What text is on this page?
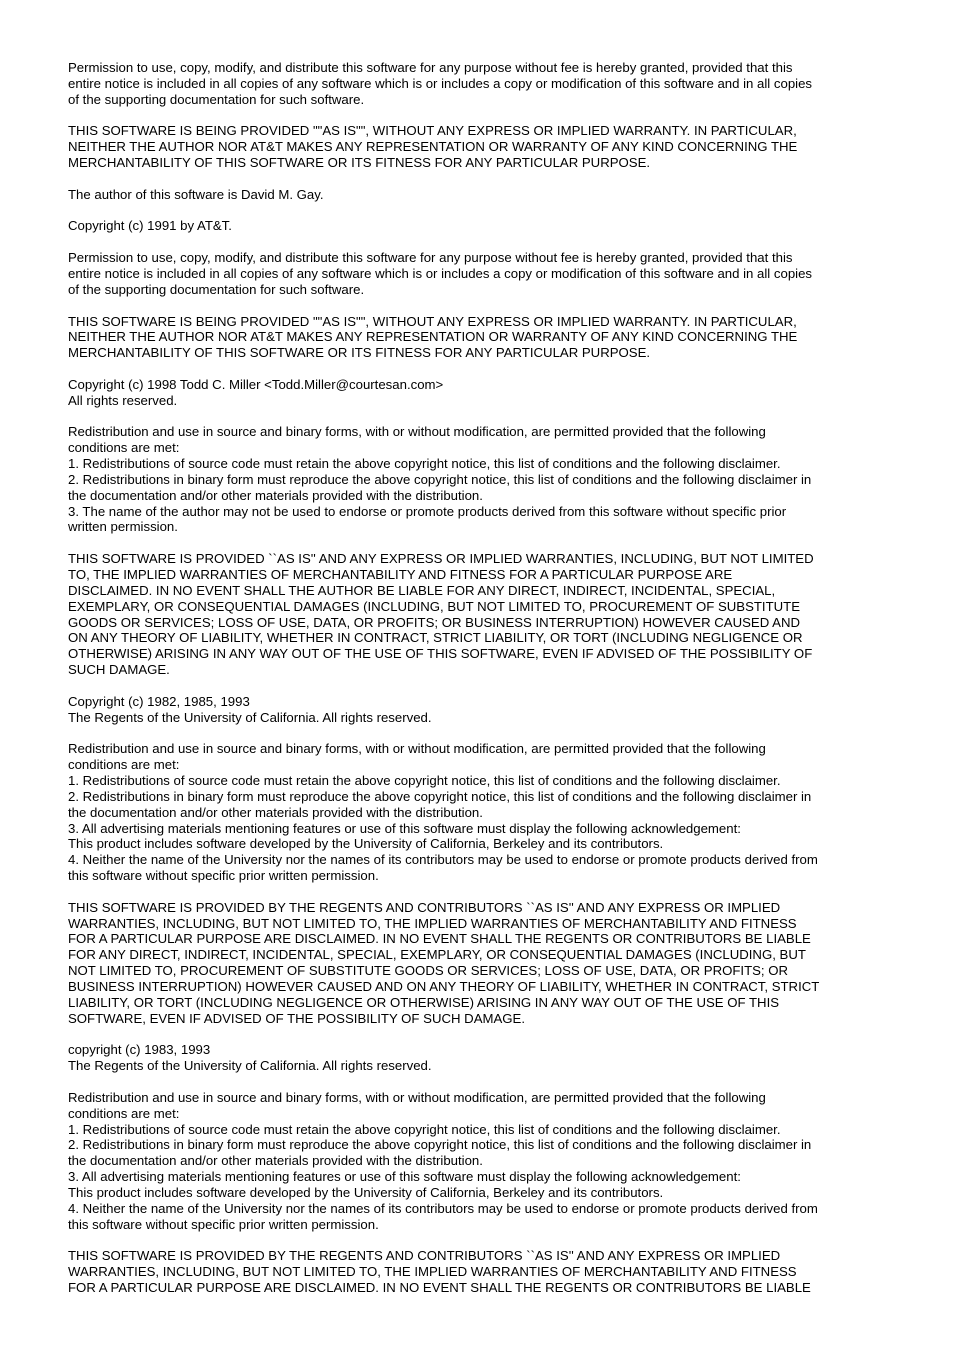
Permission to use, copy, modify, and distribute this software for any purpose without fee is hereby granted, provided that this
entire notice is included in all copies of any software which is or includes a copy or modification of this software and in all copies
of the supporting documentation for such software.
THIS SOFTWARE IS BEING PROVIDED ""AS IS"", WITHOUT ANY EXPRESS OR IMPLIED WARRANTY. IN PARTICULAR,
NEITHER THE AUTHOR NOR AT&T MAKES ANY REPRESENTATION OR WARRANTY OF ANY KIND CONCERNING THE
MERCHANTABILITY OF THIS SOFTWARE OR ITS FITNESS FOR ANY PARTICULAR PURPOSE.
The author of this software is David M. Gay.
Copyright (c) 1991 by AT&T.
Permission to use, copy, modify, and distribute this software for any purpose without fee is hereby granted, provided that this
entire notice is included in all copies of any software which is or includes a copy or modification of this software and in all copies
of the supporting documentation for such software.
THIS SOFTWARE IS BEING PROVIDED ""AS IS"", WITHOUT ANY EXPRESS OR IMPLIED WARRANTY. IN PARTICULAR,
NEITHER THE AUTHOR NOR AT&T MAKES ANY REPRESENTATION OR WARRANTY OF ANY KIND CONCERNING THE
MERCHANTABILITY OF THIS SOFTWARE OR ITS FITNESS FOR ANY PARTICULAR PURPOSE.
Copyright (c) 1998 Todd C. Miller <Todd.Miller@courtesan.com>
All rights reserved.
Redistribution and use in source and binary forms, with or without modification, are permitted provided that the following
conditions are met:
1. Redistributions of source code must retain the above copyright notice, this list of conditions and the following disclaimer.
2. Redistributions in binary form must reproduce the above copyright notice, this list of conditions and the following disclaimer in
the documentation and/or other materials provided with the distribution.
3. The name of the author may not be used to endorse or promote products derived from this software without specific prior
written permission.
THIS SOFTWARE IS PROVIDED ``AS IS'' AND ANY EXPRESS OR IMPLIED WARRANTIES, INCLUDING, BUT NOT LIMITED
TO, THE IMPLIED WARRANTIES OF MERCHANTABILITY AND FITNESS FOR A PARTICULAR PURPOSE ARE
DISCLAIMED. IN NO EVENT SHALL THE AUTHOR BE LIABLE FOR ANY DIRECT, INDIRECT, INCIDENTAL, SPECIAL,
EXEMPLARY, OR CONSEQUENTIAL DAMAGES (INCLUDING, BUT NOT LIMITED TO, PROCUREMENT OF SUBSTITUTE
GOODS OR SERVICES; LOSS OF USE, DATA, OR PROFITS; OR BUSINESS INTERRUPTION) HOWEVER CAUSED AND
ON ANY THEORY OF LIABILITY, WHETHER IN CONTRACT, STRICT LIABILITY, OR TORT (INCLUDING NEGLIGENCE OR
OTHERWISE) ARISING IN ANY WAY OUT OF THE USE OF THIS SOFTWARE, EVEN IF ADVISED OF THE POSSIBILITY OF
SUCH DAMAGE.
Copyright (c) 1982, 1985, 1993
The Regents of the University of California. All rights reserved.
Redistribution and use in source and binary forms, with or without modification, are permitted provided that the following
conditions are met:
1. Redistributions of source code must retain the above copyright notice, this list of conditions and the following disclaimer.
2. Redistributions in binary form must reproduce the above copyright notice, this list of conditions and the following disclaimer in
the documentation and/or other materials provided with the distribution.
3. All advertising materials mentioning features or use of this software must display the following acknowledgement:
This product includes software developed by the University of California, Berkeley and its contributors.
4. Neither the name of the University nor the names of its contributors may be used to endorse or promote products derived from
this software without specific prior written permission.
THIS SOFTWARE IS PROVIDED BY THE REGENTS AND CONTRIBUTORS ``AS IS'' AND ANY EXPRESS OR IMPLIED
WARRANTIES, INCLUDING, BUT NOT LIMITED TO, THE IMPLIED WARRANTIES OF MERCHANTABILITY AND FITNESS
FOR A PARTICULAR PURPOSE ARE DISCLAIMED. IN NO EVENT SHALL THE REGENTS OR CONTRIBUTORS BE LIABLE
FOR ANY DIRECT, INDIRECT, INCIDENTAL, SPECIAL, EXEMPLARY, OR CONSEQUENTIAL DAMAGES (INCLUDING, BUT
NOT LIMITED TO, PROCUREMENT OF SUBSTITUTE GOODS OR SERVICES; LOSS OF USE, DATA, OR PROFITS; OR
BUSINESS INTERRUPTION) HOWEVER CAUSED AND ON ANY THEORY OF LIABILITY, WHETHER IN CONTRACT, STRICT
LIABILITY, OR TORT (INCLUDING NEGLIGENCE OR OTHERWISE) ARISING IN ANY WAY OUT OF THE USE OF THIS
SOFTWARE, EVEN IF ADVISED OF THE POSSIBILITY OF SUCH DAMAGE.
copyright (c) 1983, 1993
The Regents of the University of California. All rights reserved.
Redistribution and use in source and binary forms, with or without modification, are permitted provided that the following
conditions are met:
1. Redistributions of source code must retain the above copyright notice, this list of conditions and the following disclaimer.
2. Redistributions in binary form must reproduce the above copyright notice, this list of conditions and the following disclaimer in
the documentation and/or other materials provided with the distribution.
3. All advertising materials mentioning features or use of this software must display the following acknowledgement:
This product includes software developed by the University of California, Berkeley and its contributors.
4. Neither the name of the University nor the names of its contributors may be used to endorse or promote products derived from
this software without specific prior written permission.
THIS SOFTWARE IS PROVIDED BY THE REGENTS AND CONTRIBUTORS ``AS IS'' AND ANY EXPRESS OR IMPLIED
WARRANTIES, INCLUDING, BUT NOT LIMITED TO, THE IMPLIED WARRANTIES OF MERCHANTABILITY AND FITNESS
FOR A PARTICULAR PURPOSE ARE DISCLAIMED. IN NO EVENT SHALL THE REGENTS OR CONTRIBUTORS BE LIABLE
